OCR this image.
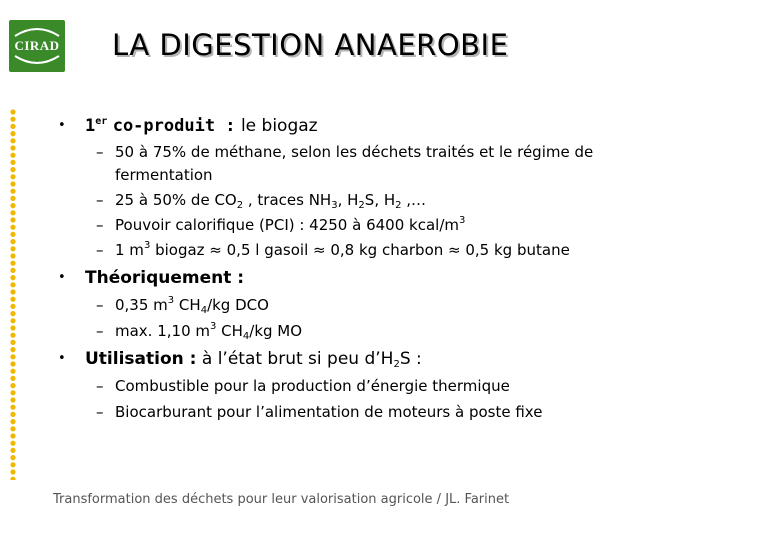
CIRAD LA DIGESTION ANAEROBIE
• 1er co-produit : le biogaz
– 50 à 75% de méthane, selon les déchets traités et le régime de
fermentation
– 25 à 50% de $CO_2$ , traces $NH_3$, $H_2S$, $H_2$ ,…
– Pouvoir calorifique (PCI) : 4250 à 6400 kcal/$m^3$
– 1 $m^3$ biogaz ≈ 0,5 l gasoil ≈ 0,8 kg charbon ≈ 0,5 kg butane
• Théoriquement :
– 0,35 $m^3$ $CH_4/kg$ DCO
– max. 1,10 $m^3$ $CH_4/kg$ MO
• Utilisation : à l’état brut si peu $d’H_2S$ :
– Combustible pour la production d’énergie thermique
– Biocarburant pour l’alimentation de moteurs à poste fixe
Transformation des déchets pour leur valorisation agricole / JL. Farinet
